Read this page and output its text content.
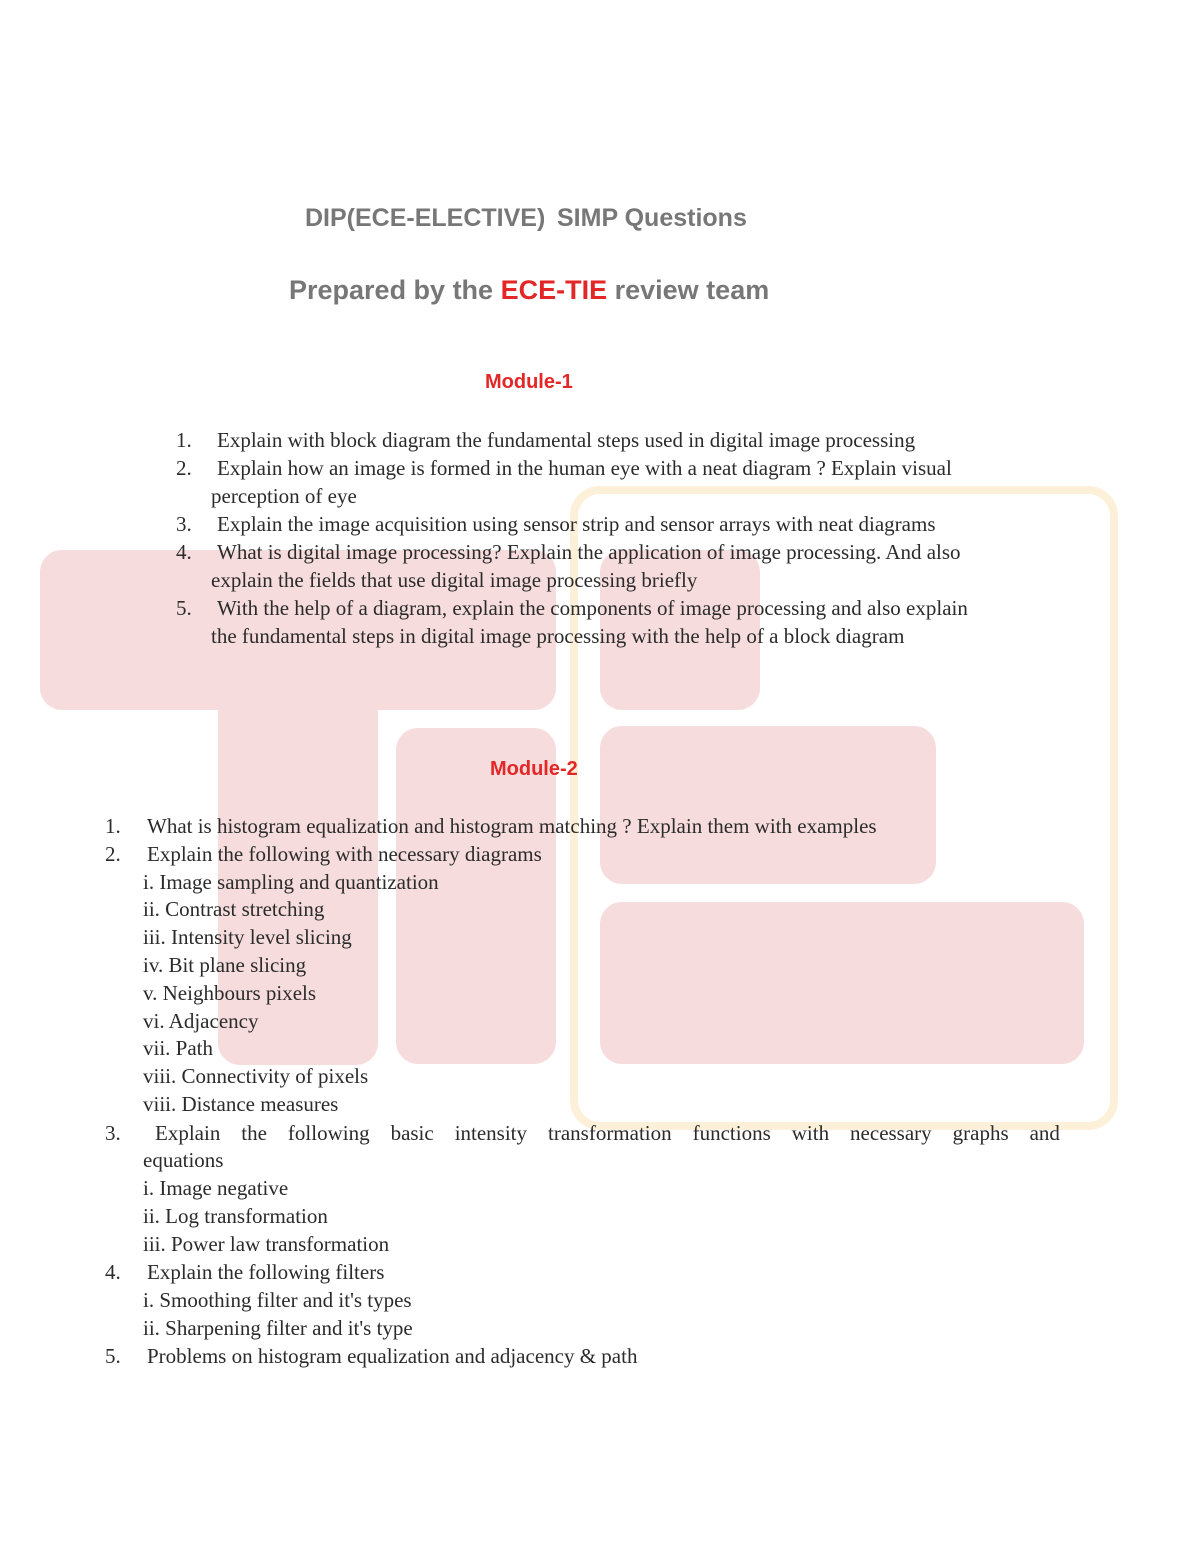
DIP(ECE-ELECTIVE) SIMP Questions
Prepared by the ECE-TIE review team
Module-1
1. Explain with block diagram the fundamental steps used in digital image processing
2. Explain how an image is formed in the human eye with a neat diagram ? Explain visual
perception of eye
3. Explain the image acquisition using sensor strip and sensor arrays with neat diagrams
4. What is digital image processing? Explain the application of image processing. And also
explain the fields that use digital image processing briefly
5. With the help of a diagram, explain the components of image processing and also explain
the fundamental steps in digital image processing with the help of a block diagram
Module-2
1. What is histogram equalization and histogram matching ? Explain them with examples
2. Explain the following with necessary diagrams
i. Image sampling and quantization
ii. Contrast stretching
iii. Intensity level slicing
iv. Bit plane slicing
v. Neighbours pixels
vi. Adjacency
vii. Path
viii. Connectivity of pixels
viii. Distance measures
3. Explain the following basic intensity transformation functions with necessary graphs and
equations
i. Image negative
ii. Log transformation
iii. Power law transformation
4. Explain the following filters
i. Smoothing filter and it's types
ii. Sharpening filter and it's type
5. Problems on histogram equalization and adjacency & path
